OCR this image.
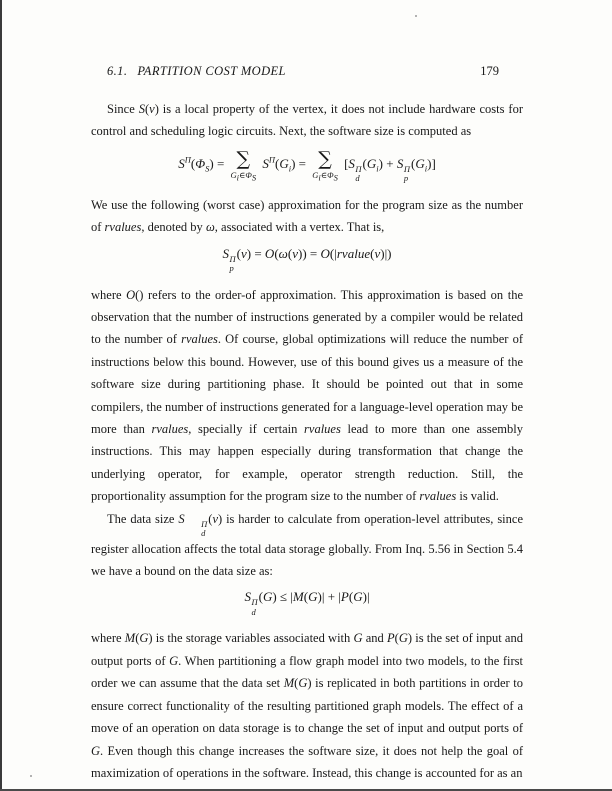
6.1. PARTITION COST MODEL	179

Since S(v) is a local property of the vertex, it does not include hardware costs for control and scheduling logic circuits. Next, the software size is computed as

$S^\Pi(\Phi_S)$ = ∑
$G_i\in\Phi_S$
$S^\Pi(G_i)$ = ∑
$G_i\in\Phi_S$
[S Π
d
$(G_i) + S$ Π
p
$(G_i)$]

We use the following (worst case) approximation for the program size as the number of rvalues, denoted by ω, associated with a vertex. That is,

S Π
p
(v) = O(ω(v)) = O(|rvalue(v)|)

where O() refers to the order-of approximation. This approximation is based on the observation that the number of instructions generated by a compiler would be related to the number of rvalues. Of course, global optimizations will reduce the number of instructions below this bound. However, use of this bound gives us a measure of the software size during partitioning phase. It should be pointed out that in some compilers, the number of instructions generated for a language-level operation may be more than rvalues, specially if certain rvalues lead to more than one assembly instructions. This may happen especially during transformation that change the underlying operator, for example, operator strength reduction. Still, the proportionality assumption for the program size to the number of rvalues is valid.

The data size S	Π
d
(v) is harder to calculate from operation-level attributes, since register allocation affects the total data storage globally. From Inq. 5.56 in Section 5.4 we have a bound on the data size as:

S Π
d
(G) ≤ |M(G)| + |P(G)|

where M(G) is the storage variables associated with G and P(G) is the set of input and output ports of G. When partitioning a flow graph model into two models, to the first order we can assume that the data set M(G) is replicated in both partitions in order to ensure correct functionality of the resulting partitioned graph models. The effect of a move of an operation on data storage is to change the set of input and output ports of G. Even though this change increases the software size, it does not help the goal of maximization of operations in the software. Instead, this change is accounted for as an
